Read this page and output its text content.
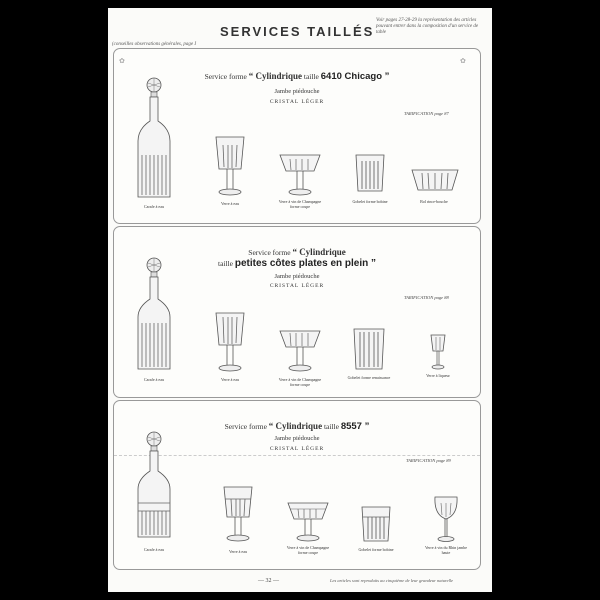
SERVICES TAILLÉS
(conseilles observations générales, page I
Voir pages 27-28-29 la représentation des articles pouvant entrer dans la composition d'un service de table
✿	✿
Service forme “ Cylindrique taille 6410 Chicago ”
Jambe piédouche
CRISTAL LÉGER
TARIFICATION page 87
Carafe à eau
Verre à eau	Verre à vin de Champagne forme coupe
Gobelet forme bobine	Bol rince-bouche
Service forme “ Cylindrique
taille petites côtes plates en plein ”
Jambe piédouche
CRISTAL LÉGER
TARIFICATION page 88
Carafe à eau	Verre à eau	Verre à vin de Champagne forme coupe
Gobelet forme renaissance	Verre à liqueur
Service forme “ Cylindrique taille 8557 ”
Jambe piédouche
CRISTAL LÉGER
TARIFICATION page 89
Carafe à eau	Verre à eau
Verre à vin de Champagne forme coupe
Gobelet forme bobine	Verre à vin du Rhin jambe haute
— 32 —	Les articles sont reproduits au cinquième de leur grandeur naturelle
